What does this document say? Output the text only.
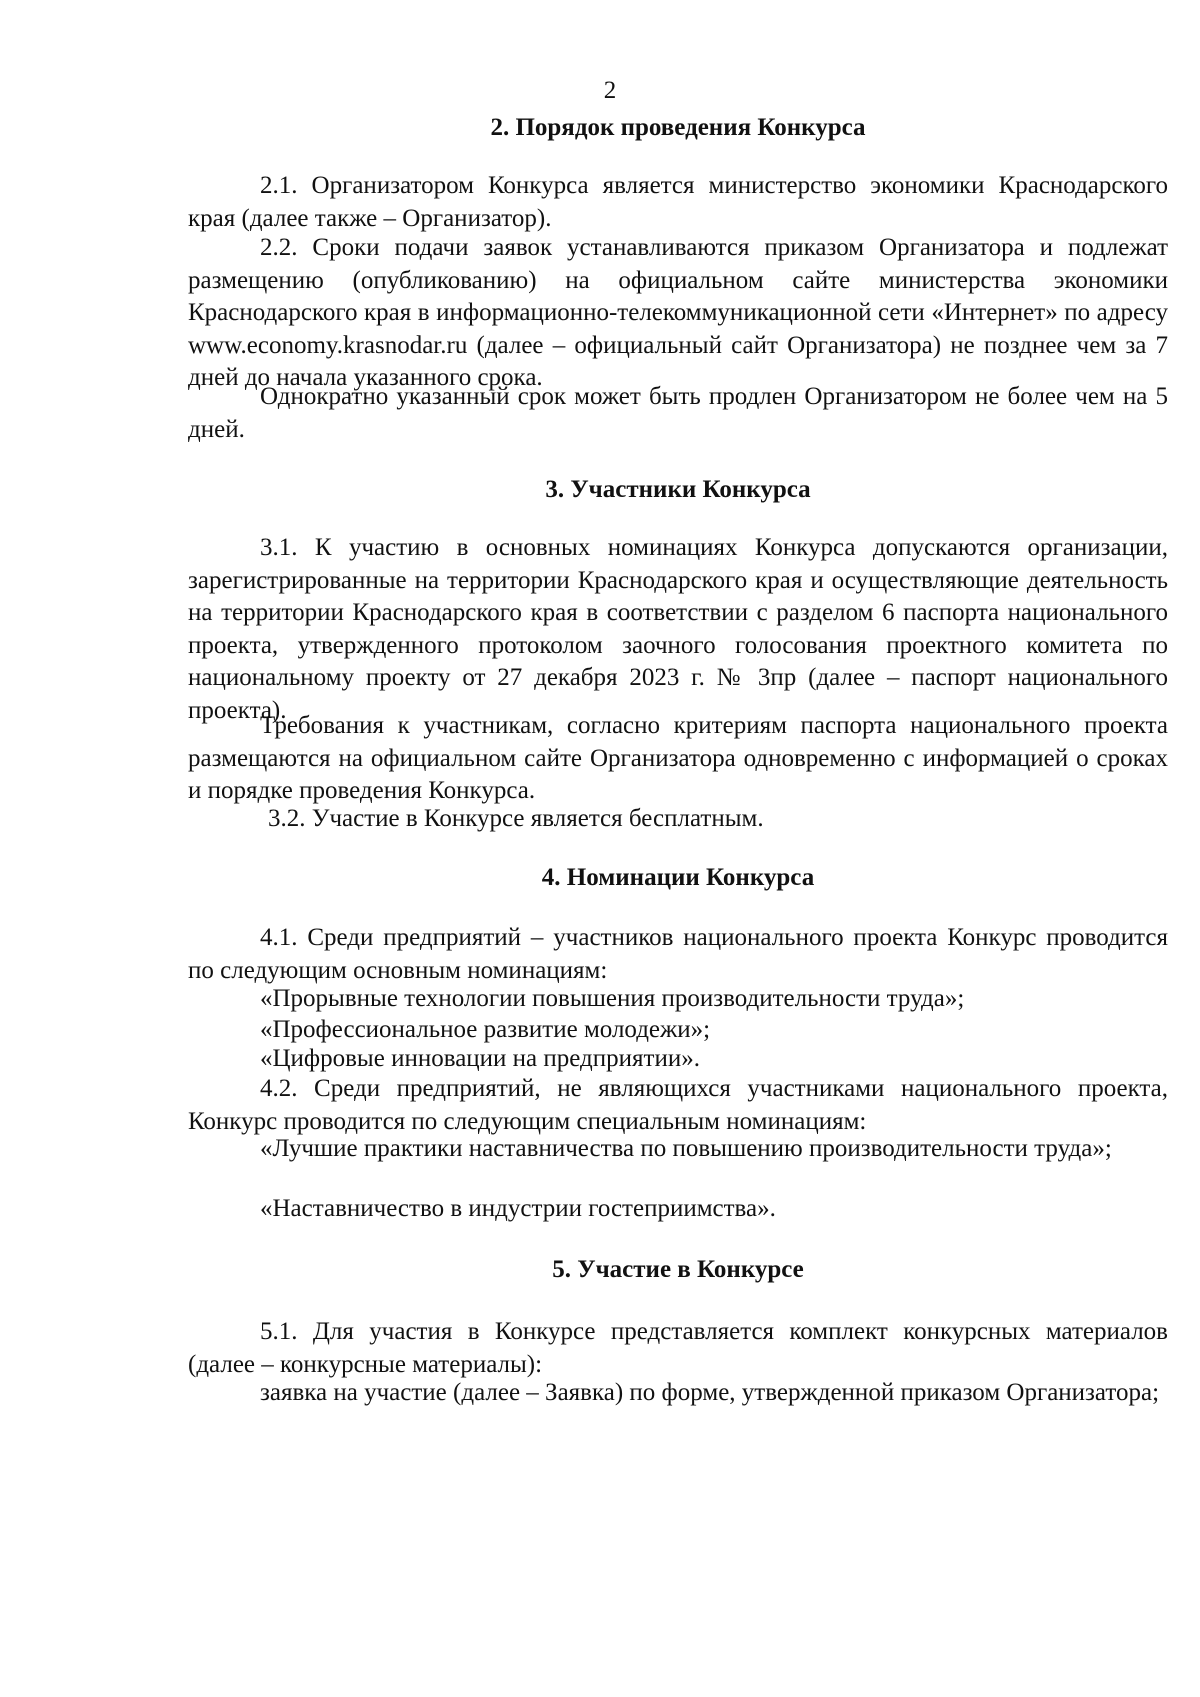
2
2. Порядок проведения Конкурса
2.1. Организатором Конкурса является министерство экономики Краснодарского края (далее также – Организатор).
2.2. Сроки подачи заявок устанавливаются приказом Организатора и подлежат размещению (опубликованию) на официальном сайте министерства экономики Краснодарского края в информационно-телекоммуникационной сети «Интернет» по адресу www.economy.krasnodar.ru (далее – официальный сайт Организатора) не позднее чем за 7 дней до начала указанного срока.
Однократно указанный срок может быть продлен Организатором не более чем на 5 дней.
3. Участники Конкурса
3.1. К участию в основных номинациях Конкурса допускаются организации, зарегистрированные на территории Краснодарского края и осуществляющие деятельность на территории Краснодарского края в соответствии с разделом 6 паспорта национального проекта, утвержденного протоколом заочного голосования проектного комитета по национальному проекту от 27 декабря 2023 г. № 3пр (далее – паспорт национального проекта).
Требования к участникам, согласно критериям паспорта национального проекта размещаются на официальном сайте Организатора одновременно с информацией о сроках и порядке проведения Конкурса.
3.2. Участие в Конкурсе является бесплатным.
4. Номинации Конкурса
4.1. Среди предприятий – участников национального проекта Конкурс проводится по следующим основным номинациям:
«Прорывные технологии повышения производительности труда»;
«Профессиональное развитие молодежи»;
«Цифровые инновации на предприятии».
4.2. Среди предприятий, не являющихся участниками национального проекта, Конкурс проводится по следующим специальным номинациям:
«Лучшие практики наставничества по повышению производительности труда»;
«Наставничество в индустрии гостеприимства».
5. Участие в Конкурсе
5.1. Для участия в Конкурсе представляется комплект конкурсных материалов (далее – конкурсные материалы):
заявка на участие (далее – Заявка) по форме, утвержденной приказом Организатора;
